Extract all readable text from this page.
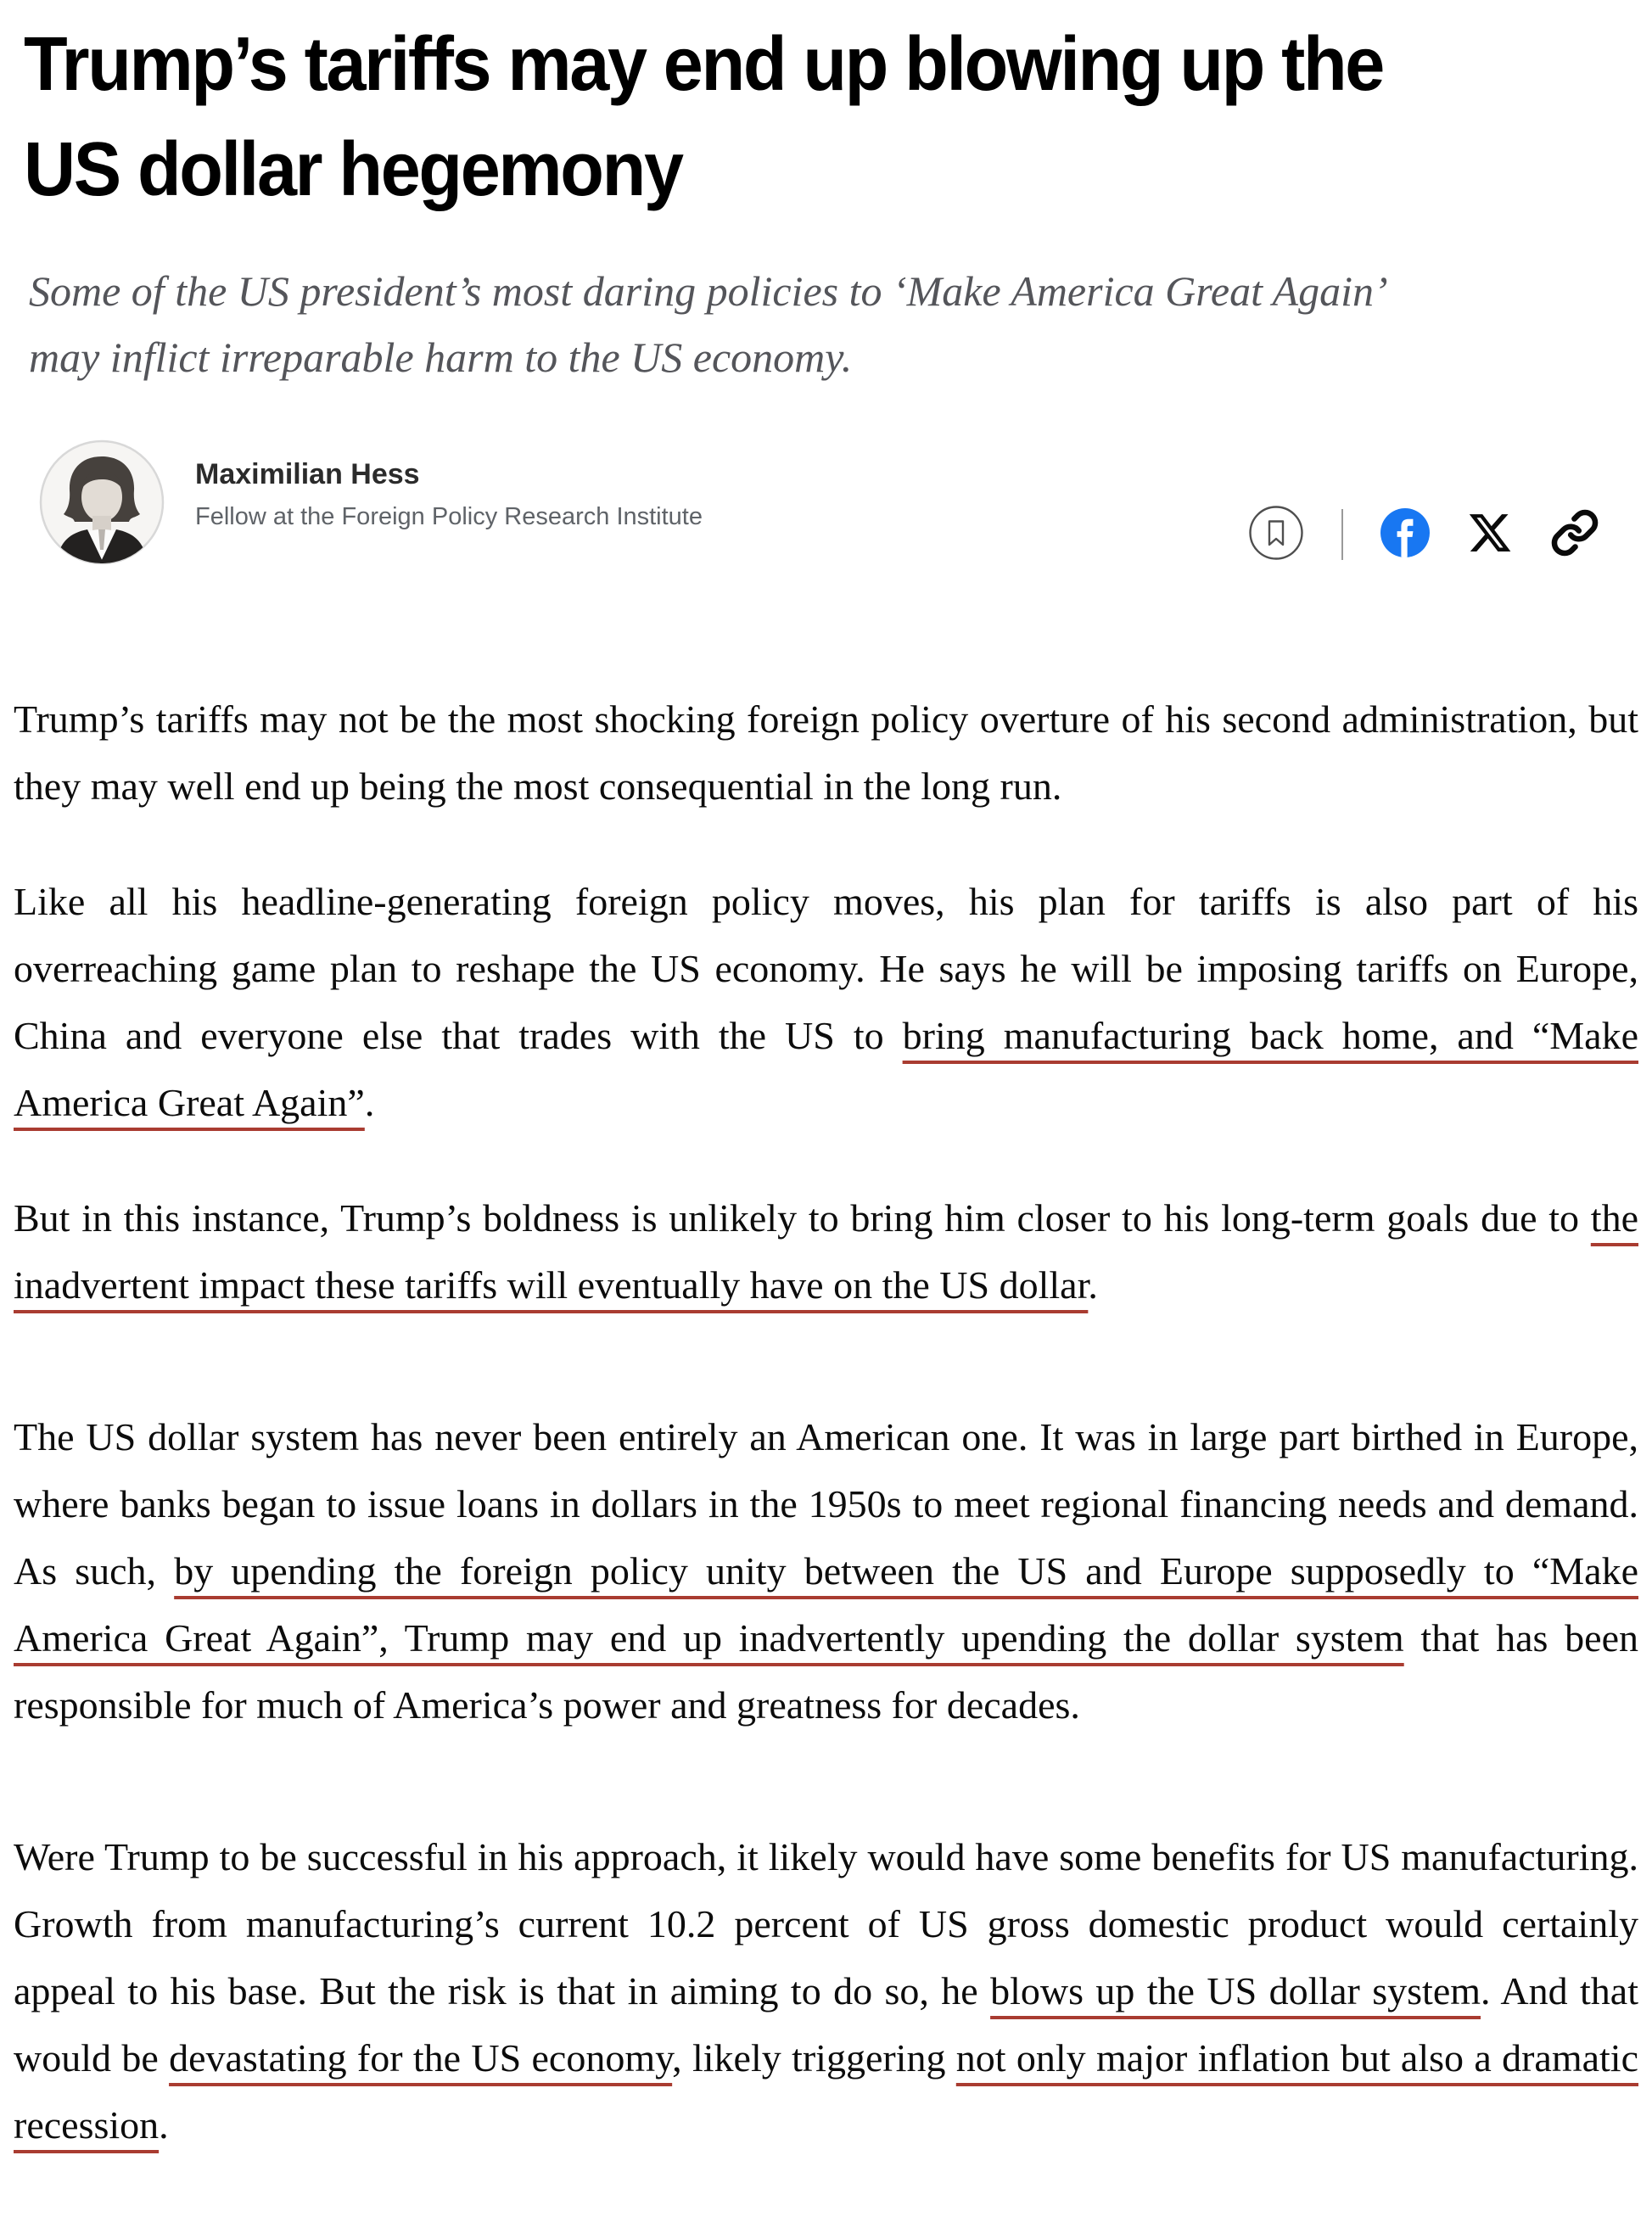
Trump’s tariffs may end up blowing up the
US dollar hegemony

Some of the US president’s most daring policies to ‘Make America Great Again’ may inflict irreparable harm to the US economy.

Maximilian Hess
Fellow at the Foreign Policy Research Institute

Trump’s tariffs may not be the most shocking foreign policy overture of his second administration, but they may well end up being the most consequential in the long run.

Like all his headline-generating foreign policy moves, his plan for tariffs is also part of his overreaching game plan to reshape the US economy. He says he will be imposing tariffs on Europe, China and everyone else that trades with the US to bring manufacturing back home, and “Make America Great Again”.

But in this instance, Trump’s boldness is unlikely to bring him closer to his long-term goals due to the inadvertent impact these tariffs will eventually have on the US dollar.

The US dollar system has never been entirely an American one. It was in large part birthed in Europe, where banks began to issue loans in dollars in the 1950s to meet regional financing needs and demand. As such, by upending the foreign policy unity between the US and Europe supposedly to “Make America Great Again”, Trump may end up inadvertently upending the dollar system that has been responsible for much of America’s power and greatness for decades.

Were Trump to be successful in his approach, it likely would have some benefits for US manufacturing. Growth from manufacturing’s current 10.2 percent of US gross domestic product would certainly appeal to his base. But the risk is that in aiming to do so, he blows up the US dollar system. And that would be devastating for the US economy, likely triggering not only major inflation but also a dramatic recession.
